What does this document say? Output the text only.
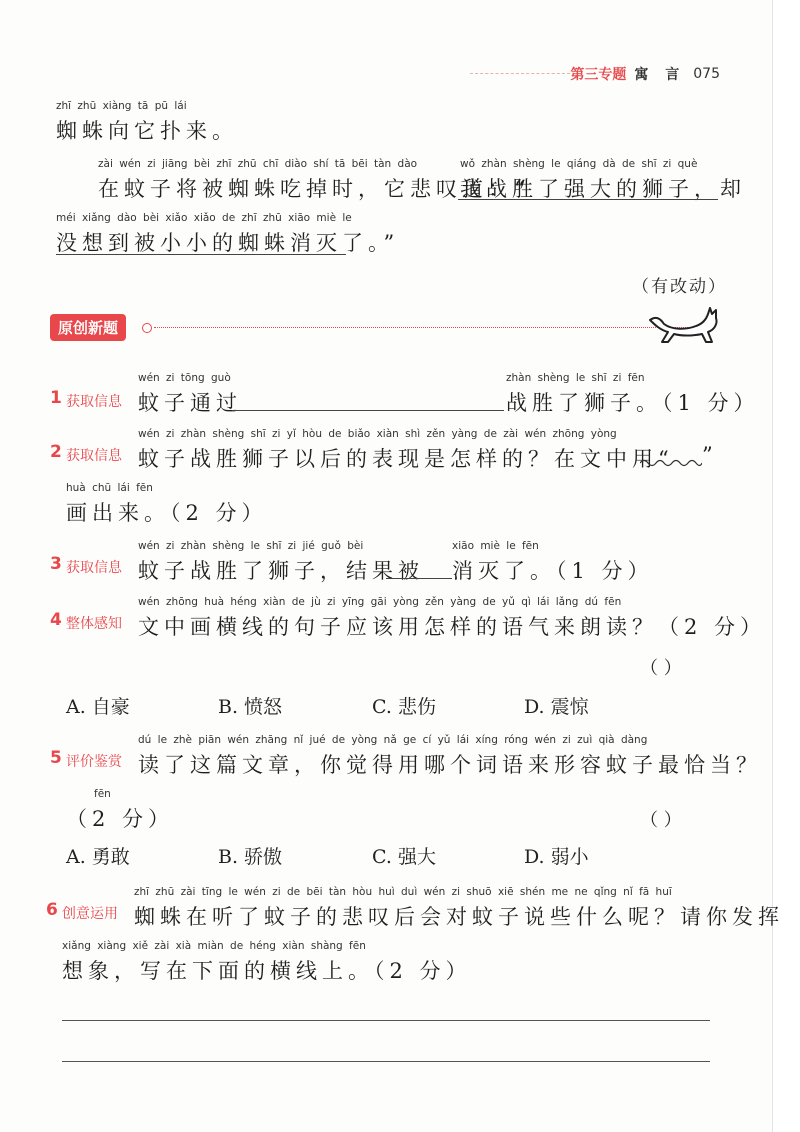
第三专题 寓 言 075
zhī zhū xiàng tā pū lái
蜘蛛向它扑来。
zài wén zi jiāng bèi zhī zhū chī diào shí tā bēi tàn dào
在蚊子将被蜘蛛吃掉时，它悲叹道：“
wǒ zhàn shèng le qiáng dà de shī zi què
我战胜了强大的狮子，却
méi xiǎng dào bèi xiǎo xiǎo de zhī zhū xiāo miè le
没想到被小小的蜘蛛消灭了。”
（有改动）
原创新题
1 获取信息
wén zi tōng guò
蚊子通过
zhàn shèng le shī zi fēn
战胜了狮子。（1 分）
2 获取信息
wén zi zhàn shèng shī zi yǐ hòu de biǎo xiàn shì zěn yàng de zài wén zhōng yòng
蚊子战胜狮子以后的表现是怎样的？在文中用“ ”
huà chū lái fēn
画出来。（2 分）
3 获取信息
wén zi zhàn shèng le shī zi jié guǒ bèi
蚊子战胜了狮子，结果被
xiāo miè le fēn
消灭了。（1 分）
4 整体感知
wén zhōng huà héng xiàn de jù zi yīng gāi yòng zěn yàng de yǔ qì lái lǎng dú fēn
文中画横线的句子应该用怎样的语气来朗读？（2 分）
（ ）
A. 自豪	B. 愤怒	C. 悲伤	D. 震惊
5 评价鉴赏
dú le zhè piān wén zhāng nǐ jué de yòng nǎ ge cí yǔ lái xíng róng wén zi zuì qià dàng
读了这篇文章，你觉得用哪个词语来形容蚊子最恰当？
fēn
（2 分）	（ ）
A. 勇敢	B. 骄傲	C. 强大	D. 弱小
6 创意运用
zhī zhū zài tīng le wén zi de bēi tàn hòu huì duì wén zi shuō xiē shén me ne qǐng nǐ fā huī
蜘蛛在听了蚊子的悲叹后会对蚊子说些什么呢？请你发挥
xiǎng xiàng xiě zài xià miàn de héng xiàn shàng fēn
想象，写在下面的横线上。（2 分）
